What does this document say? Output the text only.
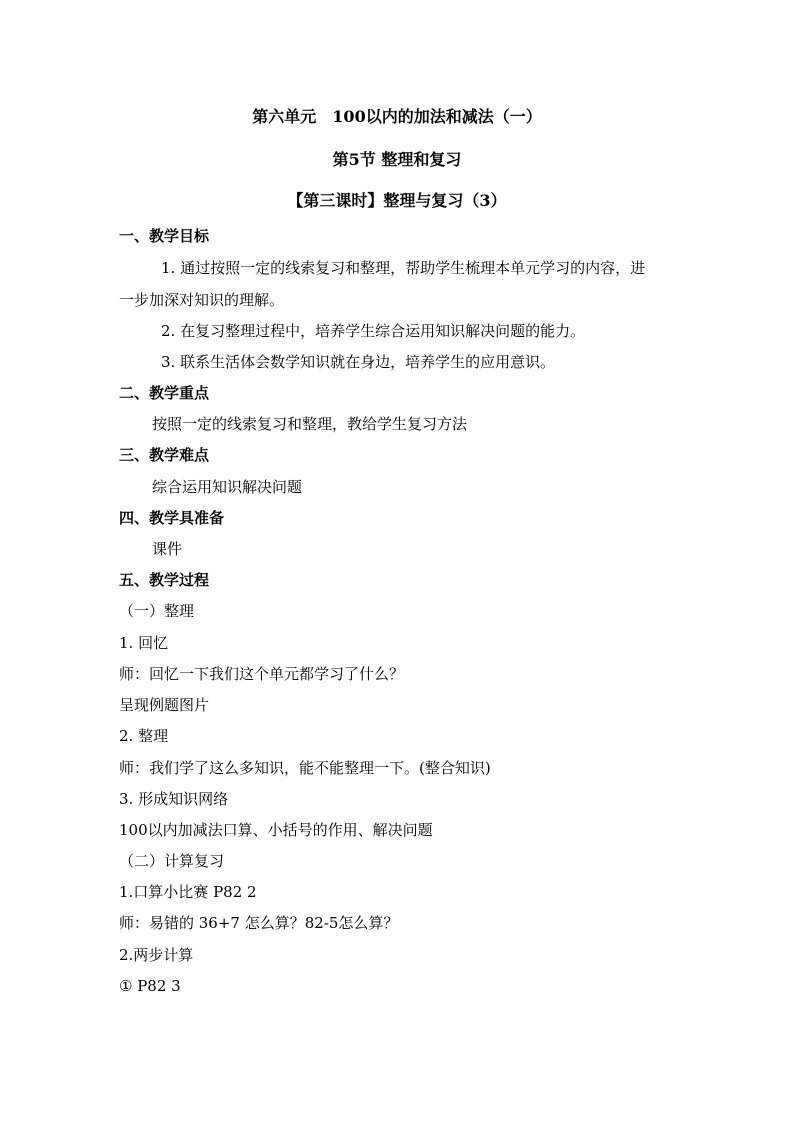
第六单元　100以内的加法和减法（一）
第5节 整理和复习
【第三课时】整理与复习（3）
一、教学目标
1. 通过按照一定的线索复习和整理，帮助学生梳理本单元学习的内容，进
一步加深对知识的理解。
2. 在复习整理过程中，培养学生综合运用知识解决问题的能力。
3. 联系生活体会数学知识就在身边，培养学生的应用意识。
二、教学重点
按照一定的线索复习和整理，教给学生复习方法
三、教学难点
综合运用知识解决问题
四、教学具准备
课件
五、教学过程
（一）整理
1. 回忆
师：回忆一下我们这个单元都学习了什么？
呈现例题图片
2. 整理
师：我们学了这么多知识，能不能整理一下。(整合知识)
3. 形成知识网络
100以内加减法口算、小括号的作用、解决问题
（二）计算复习
1.口算小比赛 P82 2
师：易错的 36+7 怎么算？82-5怎么算？
2.两步计算
① P82 3
